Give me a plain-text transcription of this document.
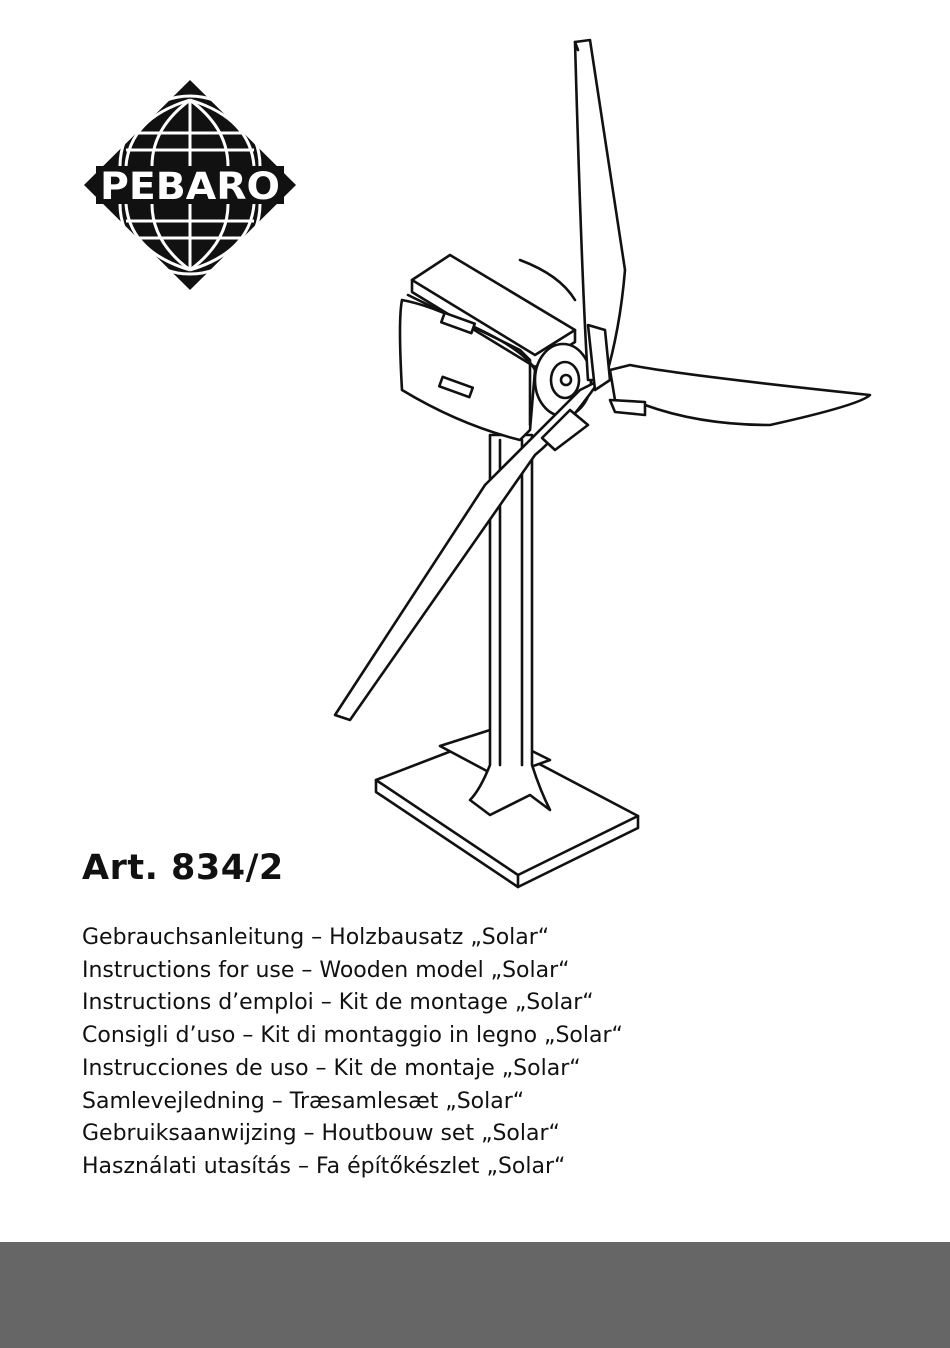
PEBARO
Art. 834/2
Gebrauchsanleitung – Holzbausatz „Solar“
Instructions for use – Wooden model „Solar“
Instructions d’emploi – Kit de montage „Solar“
Consigli d’uso – Kit di montaggio in legno „Solar“
Instrucciones de uso – Kit de montaje „Solar“
Samlevejledning – Træsamlesæt „Solar“
Gebruiksaanwijzing – Houtbouw set „Solar“
Használati utasítás – Fa építőkészlet „Solar“
